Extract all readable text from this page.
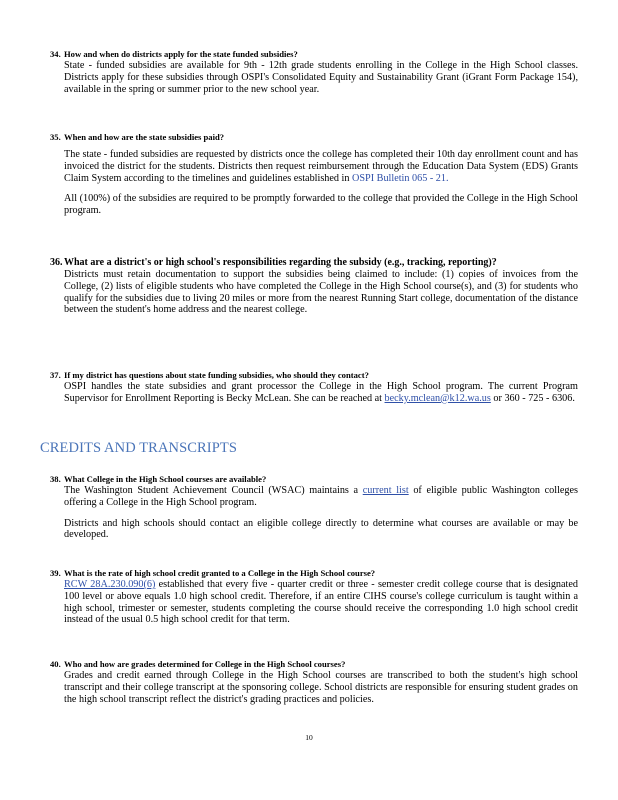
34. How and when do districts apply for the state funded subsidies?

State - funded subsidies are available for 9th - 12th grade students enrolling in the College in the High School classes. Districts apply for these subsidies through OSPI's Consolidated Equity and Sustainability Grant (iGrant Form Package 154), available in the spring or summer prior to the new school year.

35. When and how are the state subsidies paid?

The state - funded subsidies are requested by districts once the college has completed their 10th day enrollment count and has invoiced the district for the students. Districts then request reimbursement through the Education Data System (EDS) Grants Claim System according to the timelines and guidelines established in OSPI Bulletin 065 - 21.

All (100%) of the subsidies are required to be promptly forwarded to the college that provided the College in the High School program.

36. What are a district's or high school's responsibilities regarding the subsidy (e.g., tracking, reporting)?

Districts must retain documentation to support the subsidies being claimed to include: (1) copies of invoices from the College, (2) lists of eligible students who have completed the College in the High School course(s), and (3) for students who qualify for the subsidies due to living 20 miles or more from the nearest Running Start college, documentation of the distance between the student's home address and the nearest college.

37. If my district has questions about state funding subsidies, who should they contact?

OSPI handles the state subsidies and grant processor the College in the High School program. The current Program Supervisor for Enrollment Reporting is Becky McLean. She can be reached at becky.mclean@k12.wa.us or 360 - 725 - 6306.

CREDITS AND TRANSCRIPTS
38. What College in the High School courses are available?

The Washington Student Achievement Council (WSAC) maintains a current list of eligible public Washington colleges offering a College in the High School program.

Districts and high schools should contact an eligible college directly to determine what courses are available or may be developed.

39. What is the rate of high school credit granted to a College in the High School course?

RCW 28A.230.090(6) established that every five - quarter credit or three - semester credit college course that is designated 100 level or above equals 1.0 high school credit. Therefore, if an entire CIHS course's college curriculum is taught within a high school, trimester or semester, students completing the course should receive the corresponding 1.0 high school credit instead of the usual 0.5 high school credit for that term.

40. Who and how are grades determined for College in the High School courses?

Grades and credit earned through College in the High School courses are transcribed to both the student's high school transcript and their college transcript at the sponsoring college. School districts are responsible for ensuring student grades on the high school transcript reflect the district's grading practices and policies.

10
